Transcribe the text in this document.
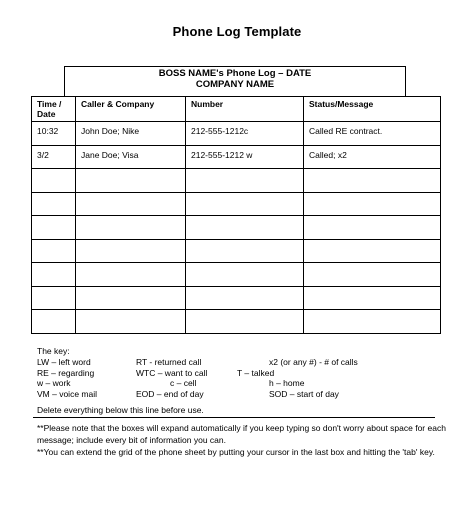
Phone Log Template
BOSS NAME's Phone Log – DATE
COMPANY NAME
Time / Date	Caller & Company	Number	Status/Message
10:32	John Doe; Nike	212-555-1212c	Called RE contract.
3/2	Jane Doe; Visa	212-555-1212 w	Called; x2

The key:
LW – left word	RT - returned call	x2 (or any #) - # of calls
RE – regarding	WTC – want to call	T – talked
w – work	c – cell	h – home
VM – voice mail	EOD – end of day	SOD – start of day
Delete everything below this line before use.

**Please note that the boxes will expand automatically if you keep typing so don't worry about space for each message; include every bit of information you can.

**You can extend the grid of the phone sheet by putting your cursor in the last box and hitting the 'tab' key.
